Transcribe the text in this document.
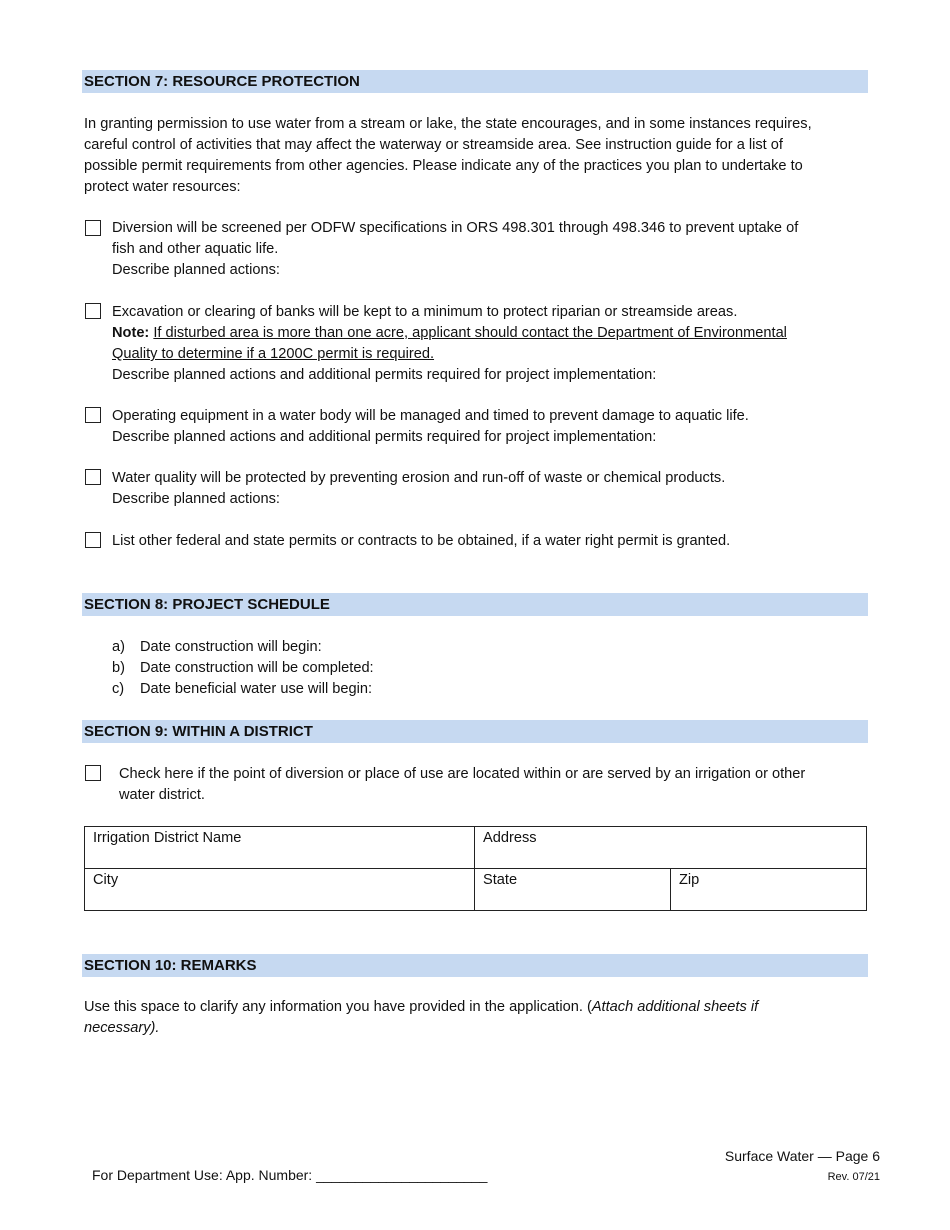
SECTION 7: RESOURCE PROTECTION
In granting permission to use water from a stream or lake, the state encourages, and in some instances requires,
careful control of activities that may affect the waterway or streamside area. See instruction guide for a list of
possible permit requirements from other agencies. Please indicate any of the practices you plan to undertake to
protect water resources:
Diversion will be screened per ODFW specifications in ORS 498.301 through 498.346 to prevent uptake of
fish and other aquatic life.
Describe planned actions:
Excavation or clearing of banks will be kept to a minimum to protect riparian or streamside areas.
Note: If disturbed area is more than one acre, applicant should contact the Department of Environmental
Quality to determine if a 1200C permit is required.
Describe planned actions and additional permits required for project implementation:
Operating equipment in a water body will be managed and timed to prevent damage to aquatic life.
Describe planned actions and additional permits required for project implementation:
Water quality will be protected by preventing erosion and run-off of waste or chemical products.
Describe planned actions:
List other federal and state permits or contracts to be obtained, if a water right permit is granted.
SECTION 8: PROJECT SCHEDULE
a) Date construction will begin:
b) Date construction will be completed:
c) Date beneficial water use will begin:
SECTION 9: WITHIN A DISTRICT
Check here if the point of diversion or place of use are located within or are served by an irrigation or other
water district.
Irrigation District Name	Address	
City	State	Zip
SECTION 10: REMARKS
Use this space to clarify any information you have provided in the application. (Attach additional sheets if
necessary).
Surface Water — Page 6
Rev. 07/21
For Department Use: App. Number: ______________________
